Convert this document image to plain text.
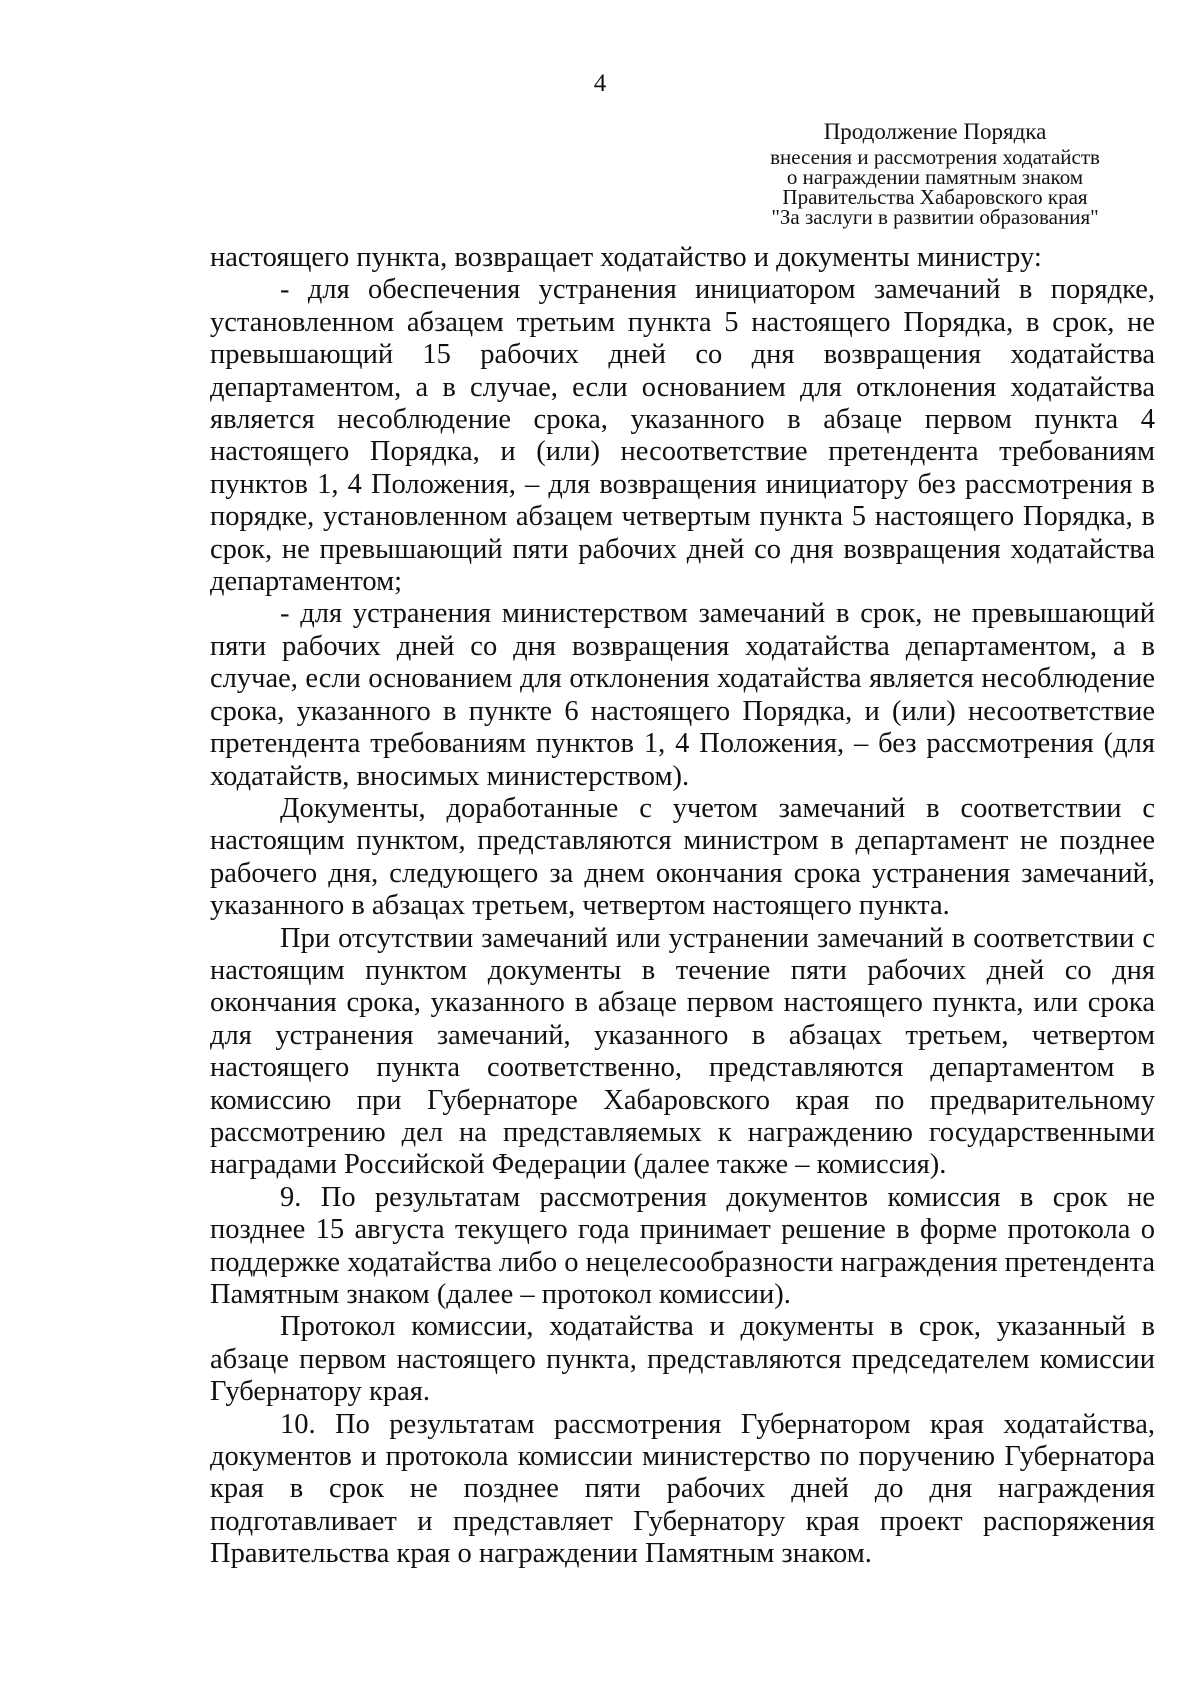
4
Продолжение Порядка
внесения и рассмотрения ходатайств
о награждении памятным знаком
Правительства Хабаровского края
"За заслуги в развитии образования"

настоящего пункта, возвращает ходатайство и документы министру:

- для обеспечения устранения инициатором замечаний в порядке, установленном абзацем третьим пункта 5 настоящего Порядка, в срок, не превышающий 15 рабочих дней со дня возвращения ходатайства департаментом, а в случае, если основанием для отклонения ходатайства является несоблюдение срока, указанного в абзаце первом пункта 4 настоящего Порядка, и (или) несоответствие претендента требованиям пунктов 1, 4 Положения, – для возвращения инициатору без рассмотрения в порядке, установленном абзацем четвертым пункта 5 настоящего Порядка, в срок, не превышающий пяти рабочих дней со дня возвращения ходатайства департаментом;

- для устранения министерством замечаний в срок, не превышающий пяти рабочих дней со дня возвращения ходатайства департаментом, а в случае, если основанием для отклонения ходатайства является несоблюдение срока, указанного в пункте 6 настоящего Порядка, и (или) несоответствие претендента требованиям пунктов 1, 4 Положения, – без рассмотрения (для ходатайств, вносимых министерством).

Документы, доработанные с учетом замечаний в соответствии с настоящим пунктом, представляются министром в департамент не позднее рабочего дня, следующего за днем окончания срока устранения замечаний, указанного в абзацах третьем, четвертом настоящего пункта.

При отсутствии замечаний или устранении замечаний в соответствии с настоящим пунктом документы в течение пяти рабочих дней со дня окончания срока, указанного в абзаце первом настоящего пункта, или срока для устранения замечаний, указанного в абзацах третьем, четвертом настоящего пункта соответственно, представляются департаментом в комиссию при Губернаторе Хабаровского края по предварительному рассмотрению дел на представляемых к награждению государственными наградами Российской Федерации (далее также – комиссия).

9. По результатам рассмотрения документов комиссия в срок не позднее 15 августа текущего года принимает решение в форме протокола о поддержке ходатайства либо о нецелесообразности награждения претендента Памятным знаком (далее – протокол комиссии).

Протокол комиссии, ходатайства и документы в срок, указанный в абзаце первом настоящего пункта, представляются председателем комиссии Губернатору края.

10. По результатам рассмотрения Губернатором края ходатайства, документов и протокола комиссии министерство по поручению Губернатора края в срок не позднее пяти рабочих дней до дня награждения подготавливает и представляет Губернатору края проект распоряжения Правительства края о награждении Памятным знаком.
